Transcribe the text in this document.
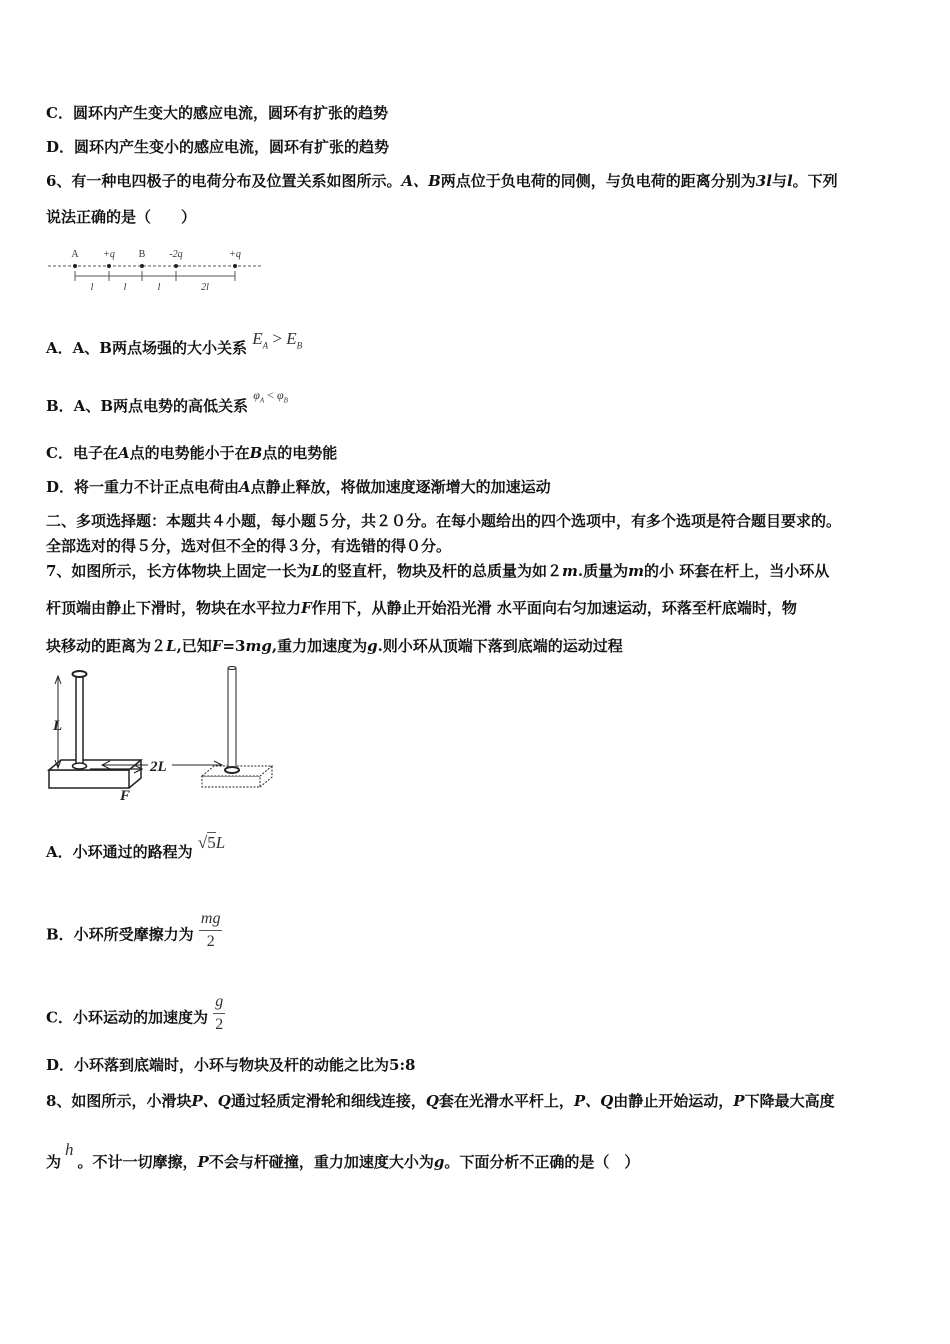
C．圆环内产生变大的感应电流，圆环有扩张的趋势
D．圆环内产生变小的感应电流，圆环有扩张的趋势
6、有一种电四极子的电荷分布及位置关系如图所示。A、B两点位于负电荷的同侧，与负电荷的距离分别为3l与l。下列
说法正确的是（　　）
A +q B -2q	+q
l	l	l	2l
A．A、B两点场强的大小关系 $E_A > E_B$
B．A、B两点电势的高低关系 $^{\varphi_A < \varphi_B}$
C．电子在A点的电势能小于在B点的电势能
D．将一重力不计正点电荷由A点静止释放，将做加速度逐渐增大的加速运动
二、多项选择题：本题共４小题，每小题５分，共２０分。在每小题给出的四个选项中，有多个选项是符合题目要求的。
全部选对的得５分，选对但不全的得３分，有选错的得０分。
7、如图所示，长方体物块上固定一长为L的竖直杆，物块及杆的总质量为如２m.质量为m的小 环套在杆上，当小环从
杆顶端由静止下滑时，物块在水平拉力F作用下，从静止开始沿光滑 水平面向右匀加速运动，环落至杆底端时，物
块移动的距离为２L,已知F=3mg,重力加速度为g.则小环从顶端下落到底端的运动过程
L
F
2L
A．小环通过的路程为 √5L
B．小环所受摩擦力为 $\frac{mg}{2}$
C．小环运动的加速度为 $\frac{g}{2}$
D．小环落到底端时，小环与物块及杆的动能之比为5:8
8、如图所示，小滑块P、Q通过轻质定滑轮和细线连接，Q套在光滑水平杆上，P、Q由静止开始运动，P下降最大高度
为h。不计一切摩擦，P不会与杆碰撞，重力加速度大小为g。下面分析不正确的是（　）
